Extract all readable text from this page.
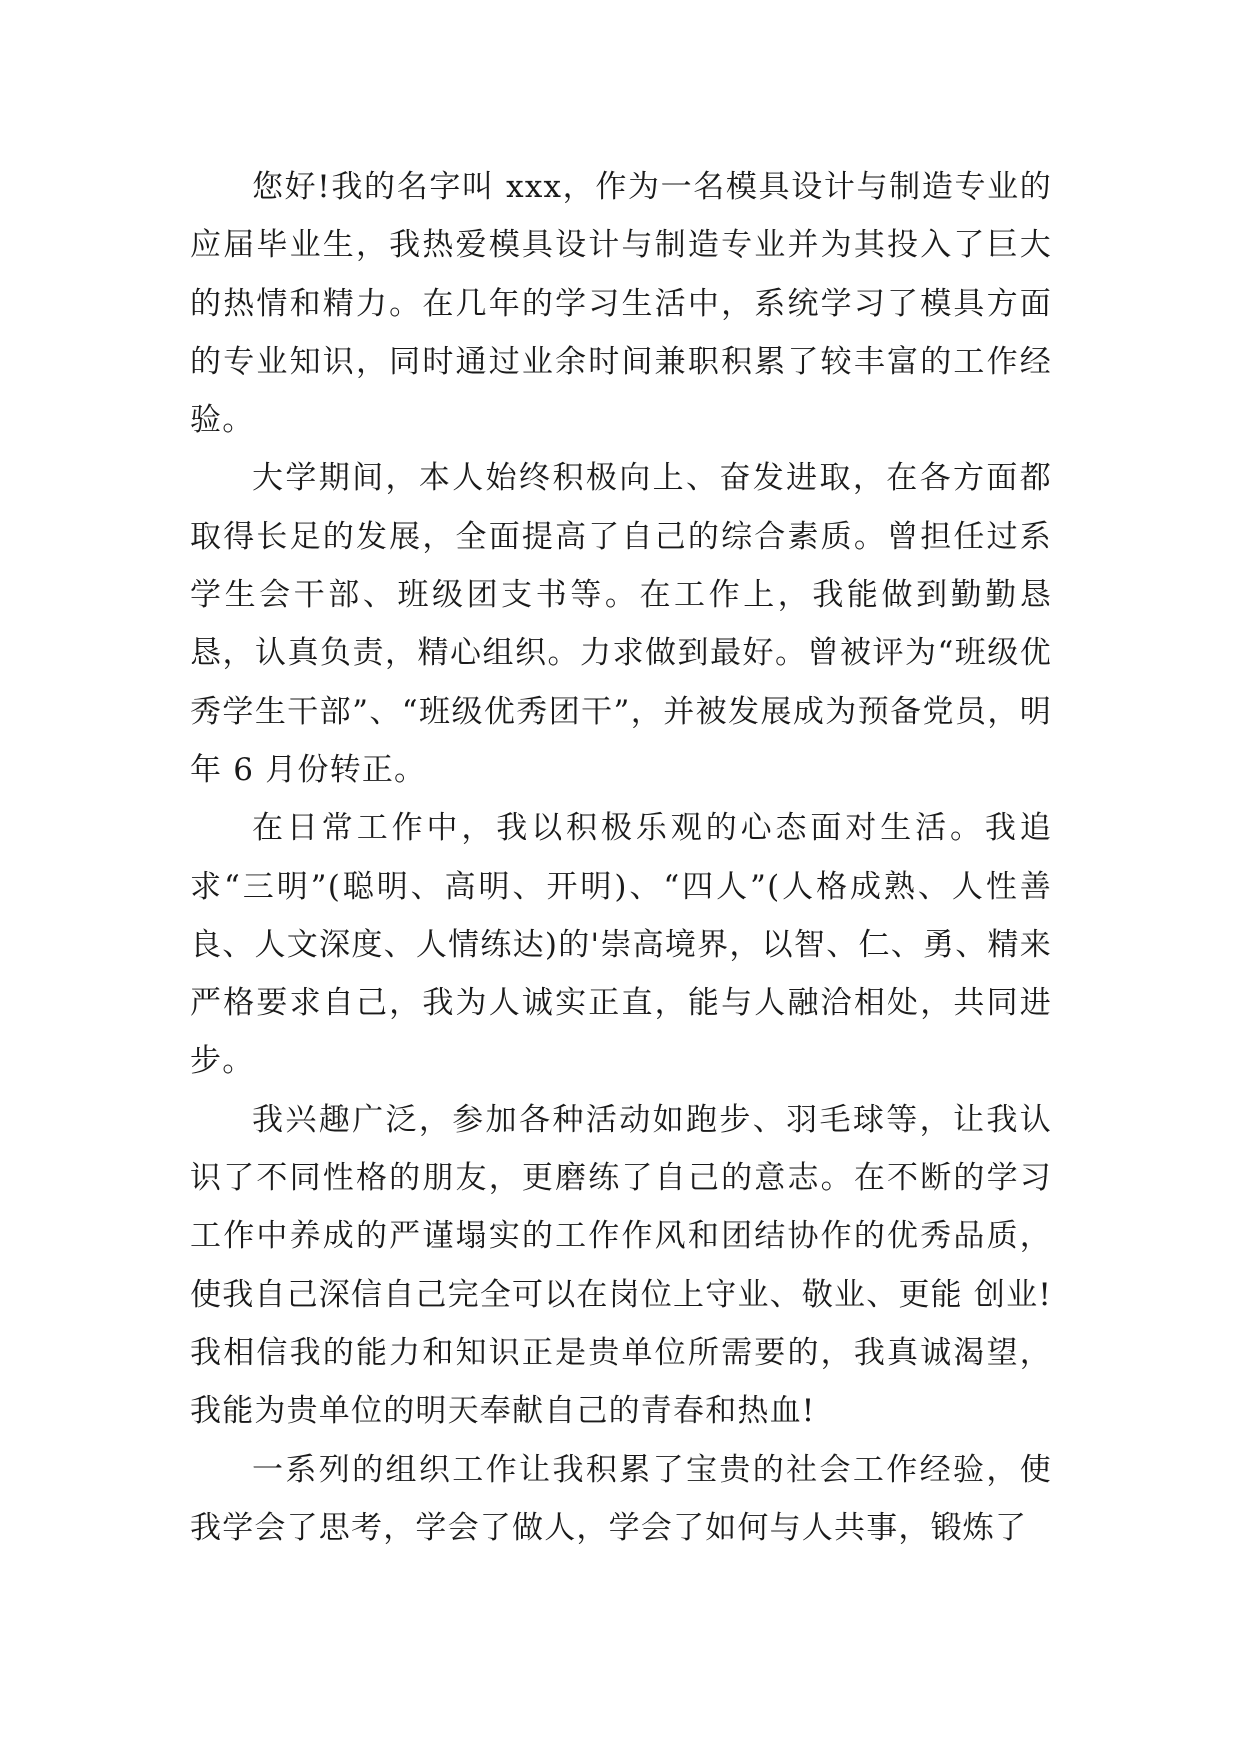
您好!我的名字叫 xxx，作为一名模具设计与制造专业的应届毕业生，我热爱模具设计与制造专业并为其投入了巨大的热情和精力。在几年的学习生活中，系统学习了模具方面的专业知识，同时通过业余时间兼职积累了较丰富的工作经验。

大学期间，本人始终积极向上、奋发进取，在各方面都取得长足的发展，全面提高了自己的综合素质。曾担任过系学生会干部、班级团支书等。在工作上，我能做到勤勤恳恳，认真负责，精心组织。力求做到最好。曾被评为“班级优秀学生干部”、“班级优秀团干”，并被发展成为预备党员，明年 6 月份转正。

在日常工作中，我以积极乐观的心态面对生活。我追求“三明”(聪明、高明、开明)、“四人”(人格成熟、人性善良、人文深度、人情练达)的'崇高境界，以智、仁、勇、精来严格要求自己，我为人诚实正直，能与人融洽相处，共同进步。

我兴趣广泛，参加各种活动如跑步、羽毛球等，让我认识了不同性格的朋友，更磨练了自己的意志。在不断的学习工作中养成的严谨塌实的工作作风和团结协作的优秀品质，使我自己深信自己完全可以在岗位上守业、敬业、更能 创业!我相信我的能力和知识正是贵单位所需要的，我真诚渴望，我能为贵单位的明天奉献自己的青春和热血!

一系列的组织工作让我积累了宝贵的社会工作经验，使我学会了思考，学会了做人，学会了如何与人共事，锻炼了
